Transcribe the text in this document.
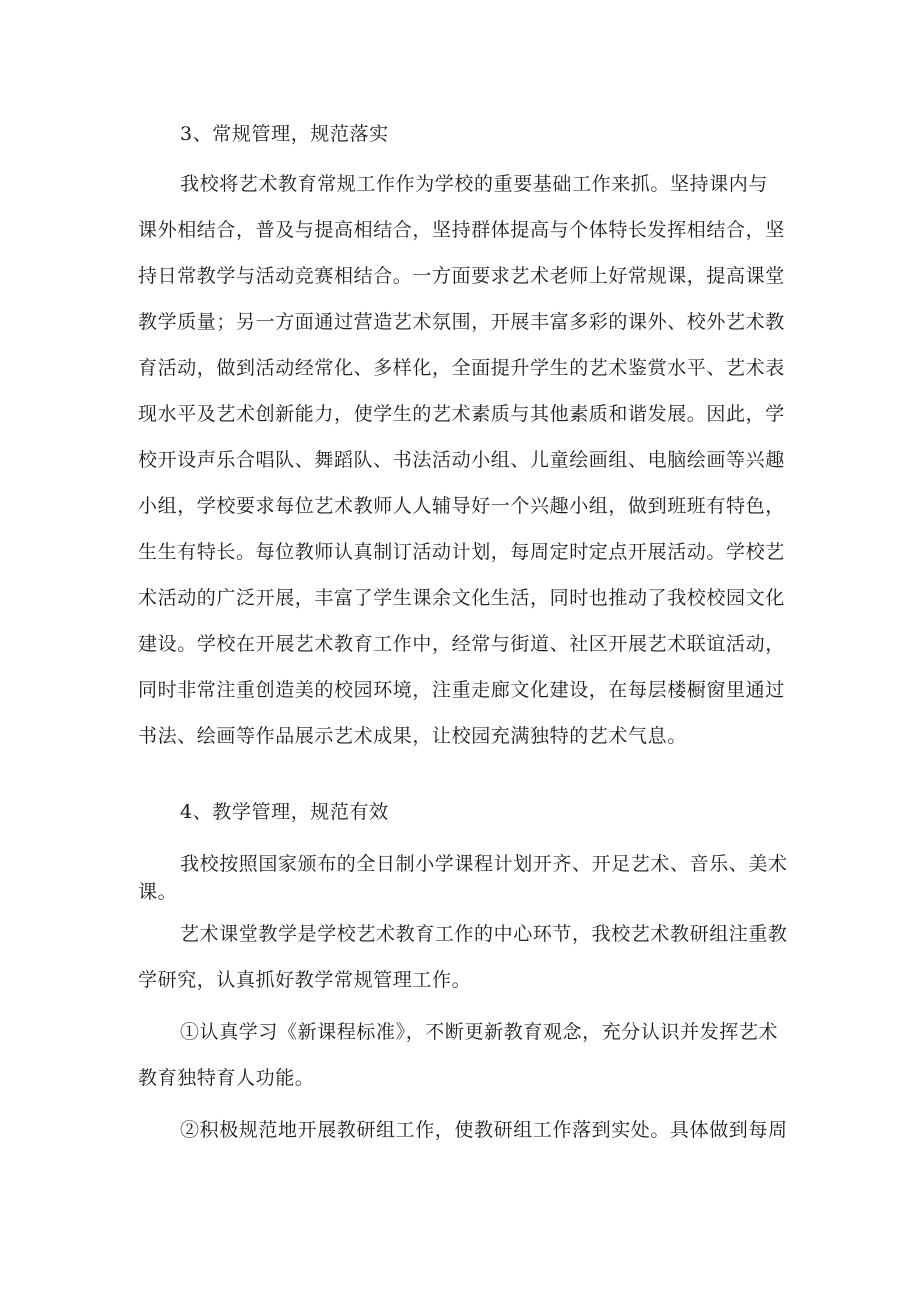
3、常规管理，规范落实
我校将艺术教育常规工作作为学校的重要基础工作来抓。坚持课内与
课外相结合，普及与提高相结合，坚持群体提高与个体特长发挥相结合，坚
持日常教学与活动竞赛相结合。一方面要求艺术老师上好常规课，提高课堂
教学质量；另一方面通过营造艺术氛围，开展丰富多彩的课外、校外艺术教
育活动，做到活动经常化、多样化，全面提升学生的艺术鉴赏水平、艺术表
现水平及艺术创新能力，使学生的艺术素质与其他素质和谐发展。因此，学
校开设声乐合唱队、舞蹈队、书法活动小组、儿童绘画组、电脑绘画等兴趣
小组，学校要求每位艺术教师人人辅导好一个兴趣小组，做到班班有特色，
生生有特长。每位教师认真制订活动计划，每周定时定点开展活动。学校艺
术活动的广泛开展，丰富了学生课余文化生活，同时也推动了我校校园文化
建设。学校在开展艺术教育工作中，经常与街道、社区开展艺术联谊活动，
同时非常注重创造美的校园环境，注重走廊文化建设，在每层楼橱窗里通过
书法、绘画等作品展示艺术成果，让校园充满独特的艺术气息。
4、教学管理，规范有效
我校按照国家颁布的全日制小学课程计划开齐、开足艺术、音乐、美术
课。
艺术课堂教学是学校艺术教育工作的中心环节，我校艺术教研组注重教
学研究，认真抓好教学常规管理工作。
①认真学习《新课程标准》，不断更新教育观念，充分认识并发挥艺术
教育独特育人功能。
②积极规范地开展教研组工作，使教研组工作落到实处。具体做到每周
